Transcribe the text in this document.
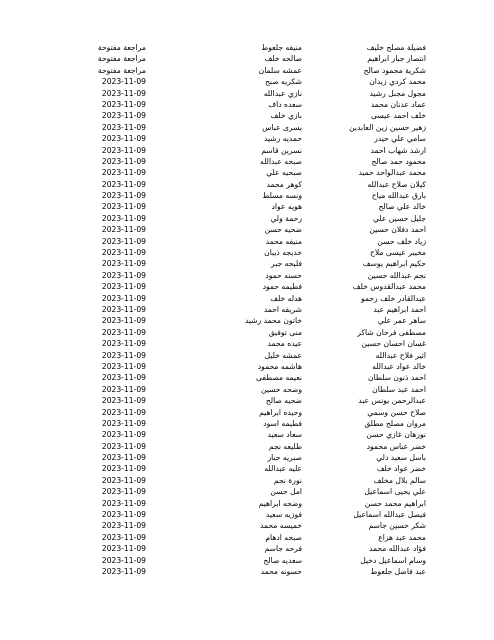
فضيلة مصلح خليف
منيفه جلعوط
مراجعة مفتوحة
انتصار جبار ابراهيم
صالحه خلف
مراجعة مفتوحة
شكرية محمود صالح
عمشه سلمان
مراجعة مفتوحة
محمد كردي زيدان
شكريه صبح
2023-11-09
مجول مجبل رشيد
نازي عبدالله
2023-11-09
عماد عدنان محمد
سعده داف
2023-11-09
خلف احمد عيسى
بازي خلف
2023-11-09
زهير حسين زين العابدين
يسرى عباس
2023-11-09
سامي علي حيدر
حمديه رشيد
2023-11-09
ارشد شهاب احمد
نسرين قاسم
2023-11-09
محمود حمد صالح
صبحه عبدالله
2023-11-09
محمد عبدالواحد حميد
صبحيه علي
2023-11-09
كيلان صلاح عبدالله
كوهر محمد
2023-11-09
بارق عبدالله مياح
ونسه مسلط
2023-11-09
خالد علي صالح
هويه عواد
2023-11-09
جليل حسين علي
رحمة ولي
2023-11-09
احمد دفلان حسين
ضحيه حسن
2023-11-09
زياد خلف حسن
منيفه محمد
2023-11-09
مخيبر عيسى ملاح
خديجه ذيبان
2023-11-09
حكيم ابراهيم يوسف
فليحه جبر
2023-11-09
نجم عبدالله حسين
حسنه حمود
2023-11-09
محمد عبدالقدوس خلف
فطيمه حمود
2023-11-09
عبدالقادر خلف رحمو
هدله خلف
2023-11-09
احمد ابراهيم عبد
شريفه احمد
2023-11-09
ساهر عمر علي
خاتون محمد رشيد
2023-11-09
مصطفى فرحان شاكر
منى توفيق
2023-11-09
غسان احسان حسين
عيده محمد
2023-11-09
اثير فلاح عبدالله
عمشه خليل
2023-11-09
خالد عواد عبدالله
هاشمه محمود
2023-11-09
احمد ذنون سلطان
نعيمه مصطفى
2023-11-09
احمد عبد سلطان
وضحه حسين
2023-11-09
عبدالرحمن يونس عبد
ضحيه صالح
2023-11-09
صلاح حسن وسمي
وحيده ابراهيم
2023-11-09
مروان مصلح مطلق
فطيمه اسود
2023-11-09
نورهان غازي حسن
سعاد سعيد
2023-11-09
خضر عباس محمود
طليعه نجم
2023-11-09
باسل سعيد دلي
صبريه جبار
2023-11-09
خضر عواد خلف
عليه عبدالله
2023-11-09
سالم بلال مخلف
نورة نجم
2023-11-09
علي يحيى اسماعيل
امل حسن
2023-11-09
ابراهيم محمد حسن
وضحه ابراهيم
2023-11-09
فيصل عبدالله اسماعيل
فوزيه سعيد
2023-11-09
شكر حسين جاسم
خميسه محمد
2023-11-09
محمد عبد هزاع
صبحه ادهام
2023-11-09
فؤاد عبدالله محمد
فرحه جاسم
2023-11-09
وسام اسماعيل دخيل
سعديه صالح
2023-11-09
عبد فاضل جلعوط
حسونه محمد
2023-11-09
